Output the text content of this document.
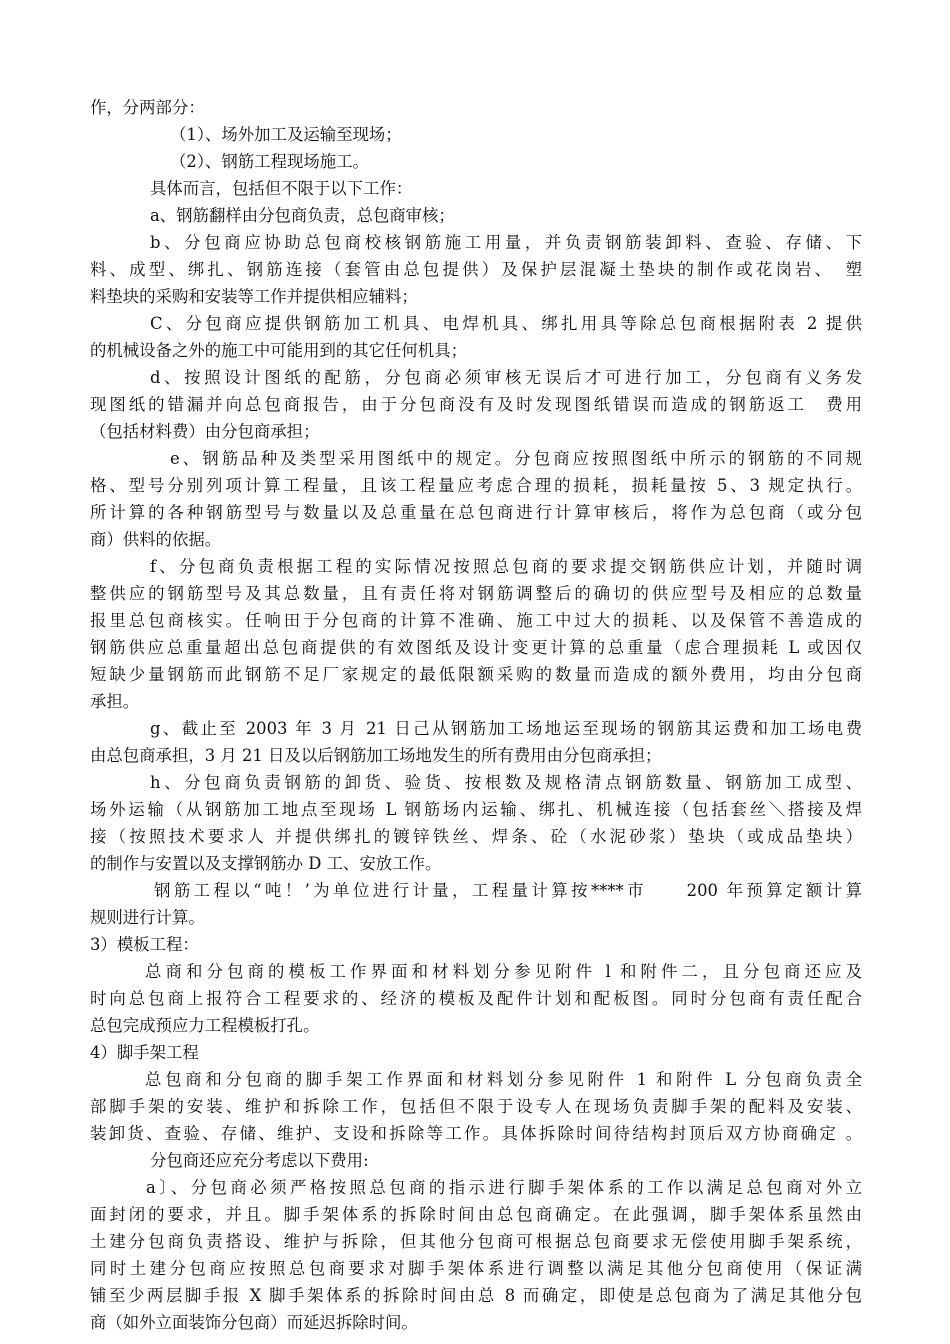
作，分两部分：
（1）、场外加工及运输至现场；
（2）、钢筋工程现场施工。
具体而言，包括但不限于以下工作：
a、钢筋翻样由分包商负责，总包商审核；
b、分包商应协助总包商校核钢筋施工用量，并负责钢筋装卸料、查验、存储、下
料、成型、绑扎、钢筋连接（套管由总包提供）及保护层混凝土垫块的制作或花岗岩、　塑
料垫块的采购和安装等工作并提供相应辅料；
C、分包商应提供钢筋加工机具、电焊机具、绑扎用具等除总包商根据附表 2 提供
的机械设备之外的施工中可能用到的其它任何机具；
d、按照设计图纸的配筋，分包商必须审核无误后才可进行加工，分包商有义务发
现图纸的错漏并向总包商报告，由于分包商没有及时发现图纸错误而造成的钢筋返工　费用
（包括材料费）由分包商承担；
e、钢筋品种及类型采用图纸中的规定。分包商应按照图纸中所示的钢筋的不同规
格、型号分别列项计算工程量，且该工程量应考虑合理的损耗，损耗量按 5、3 规定执行。
所计算的各种钢筋型号与数量以及总重量在总包商进行计算审核后，将作为总包商（或分包
商）供料的依据。
f、分包商负责根据工程的实际情况按照总包商的要求提交钢筋供应计划，并随时调
整供应的钢筋型号及其总数量，且有责任将对钢筋调整后的确切的供应型号及相应的总数量
报里总包商核实。任响田于分包商的计算不准确、施工中过大的损耗、以及保管不善造成的
钢筋供应总重量超出总包商提供的有效图纸及设计变更计算的总重量（虑合理损耗 L 或因仅
短缺少量钢筋而此钢筋不足厂家规定的最低限额采购的数量而造成的额外费用，均由分包商
承担。
g、截止至 2003 年 3 月 21 日己从钢筋加工场地运至现场的钢筋其运费和加工场电费
由总包商承担，3 月 21 日及以后钢筋加工场地发生的所有费用由分包商承担；
h、分包商负责钢筋的卸货、验货、按根数及规格清点钢筋数量、钢筋加工成型、
场外运输（从钢筋加工地点至现场 L 钢筋场内运输、绑扎、机械连接（包括套丝＼搭接及焊
接（按照技术要求人 并提供绑扎的镀锌铁丝、焊条、砼（水泥砂浆）垫块（或成品垫块）
的制作与安置以及支撑钢筋办 D 工、安放工作。
钢筋工程以“吨！’为单位进行计量，工程量计算按****市　　200 年预算定额计算
规则进行计算。
3）模板工程：
总商和分包商的模板工作界面和材料划分参见附件 l 和附件二，且分包商还应及
时向总包商上报符合工程要求的、经济的模板及配件计划和配板图。同时分包商有责任配合
总包完成预应力工程模板打孔。
4）脚手架工程
总包商和分包商的脚手架工作界面和材料划分参见附件 1 和附件 L 分包商负责全
部脚手架的安装、维护和拆除工作，包括但不限于设专人在现场负责脚手架的配料及安装、
装卸货、查验、存储、维护、支设和拆除等工作。具体拆除时间待结构封顶后双方协商确定 。
分包商还应充分考虑以下费用:
a〕、分包商必须严格按照总包商的指示进行脚手架体系的工作以满足总包商对外立
面封闭的要求，并且。脚手架体系的拆除时间由总包商确定。在此强调，脚手架体系虽然由
土建分包商负责搭设、维护与拆除，但其他分包商可根据总包商要求无偿使用脚手架系统，
同时土建分包商应按照总包商要求对脚手架体系进行调整以满足其他分包商使用（保证满
铺至少两层脚手报 X 脚手架体系的拆除时间由总 8 而确定，即使是总包商为了满足其他分包
商（如外立面装饰分包商）而延迟拆除时间。
